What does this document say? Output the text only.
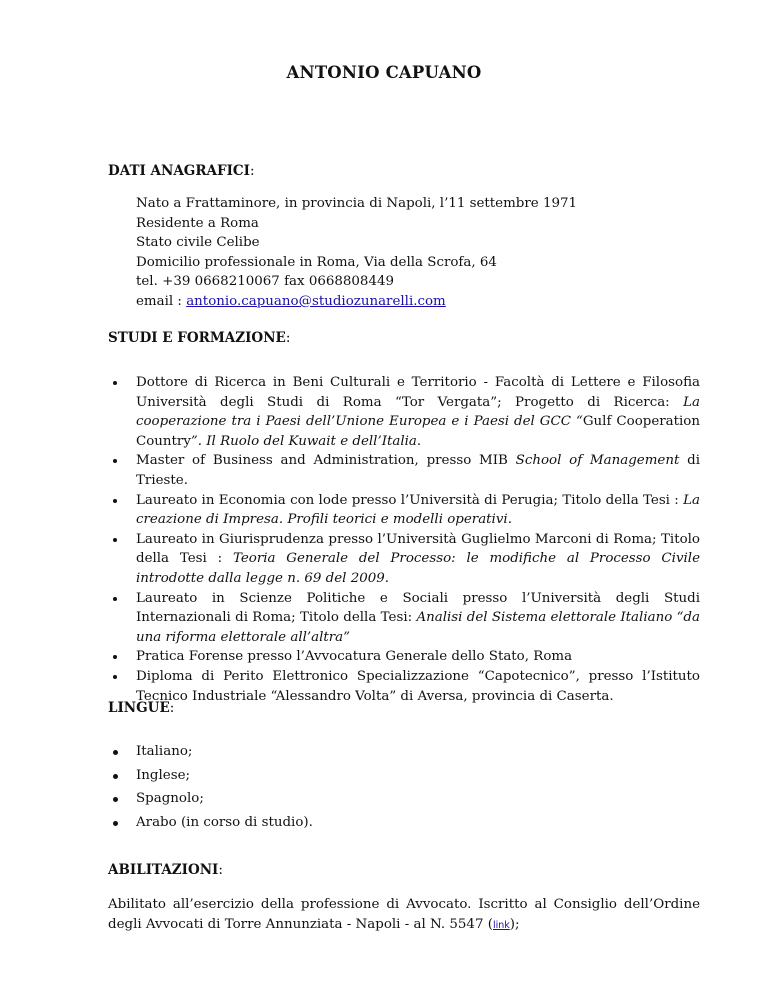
ANTONIO CAPUANO
DATI ANAGRAFICI:
Nato a Frattaminore, in provincia di Napoli, l’11 settembre 1971
Residente a Roma
Stato civile Celibe
Domicilio professionale in Roma, Via della Scrofa, 64
tel. +39 0668210067 fax 0668808449
email : antonio.capuano@studiozunarelli.com
STUDI E FORMAZIONE:
Dottore di Ricerca in Beni Culturali e Territorio - Facoltà di Lettere e Filosofia Università degli Studi di Roma “Tor Vergata”; Progetto di Ricerca: La cooperazione tra i Paesi dell’Unione Europea e i Paesi del GCC “Gulf Cooperation Country”. Il Ruolo del Kuwait e dell’Italia.
Master of Business and Administration, presso MIB School of Management di Trieste.
Laureato in Economia con lode presso l’Università di Perugia; Titolo della Tesi : La creazione di Impresa. Profili teorici e modelli operativi.
Laureato in Giurisprudenza presso l’Università Guglielmo Marconi di Roma; Titolo della Tesi : Teoria Generale del Processo: le modifiche al Processo Civile introdotte dalla legge n. 69 del 2009.
Laureato in Scienze Politiche e Sociali presso l’Università degli Studi Internazionali di Roma; Titolo della Tesi: Analisi del Sistema elettorale Italiano “da una riforma elettorale all’altra”
Pratica Forense presso l’Avvocatura Generale dello Stato, Roma
Diploma di Perito Elettronico Specializzazione “Capotecnico”, presso l’Istituto Tecnico Industriale “Alessandro Volta” di Aversa, provincia di Caserta.
LINGUE:
Italiano;
Inglese;
Spagnolo;
Arabo (in corso di studio).
ABILITAZIONI:
Abilitato all’esercizio della professione di Avvocato. Iscritto al Consiglio dell’Ordine degli Avvocati di Torre Annunziata - Napoli - al N. 5547 (link);
